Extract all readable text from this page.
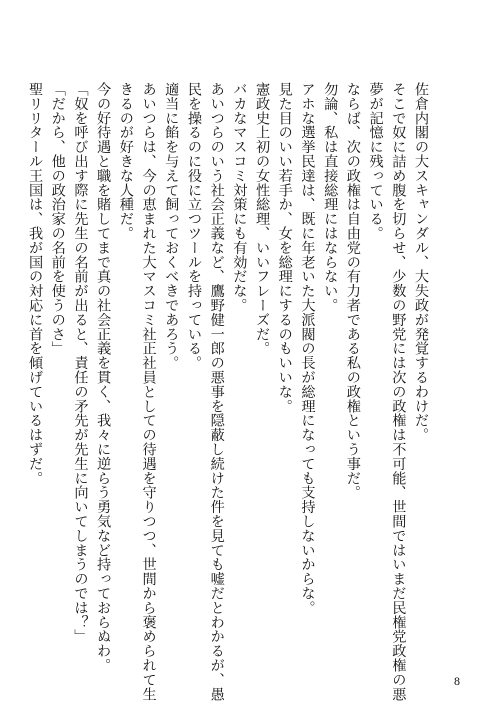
佐倉内閣の大スキャンダル、大失政が発覚するわけだ。
そこで奴に詰め腹を切らせ、少数の野党には次の政権は不可能、世間ではいまだ民権党政権の悪
夢が記憶に残っている。
ならば、次の政権は自由党の有力者である私の政権という事だ。
勿論、私は直接総理にはならない。
アホな選挙民達は、既に年老いた大派閥の長が総理になっても支持しないからな。
見た目のいい若手か、女を総理にするのもいいな。
憲政史上初の女性総理、いいフレーズだ。
バカなマスコミ対策にも有効だな。
あいつらのいう社会正義など、鷹野健一郎の悪事を隠蔽し続けた件を見ても嘘だとわかるが、愚
民を操るのに役に立つツールを持っている。
適当に餡を与えて飼っておくべきであろう。
あいつらは、今の恵まれた大マスコミ社正社員としての待遇を守りつつ、世間から褒められて生
きるのが好きな人種だ。
今の好待遇と職を賭してまで真の社会正義を貫く、我々に逆らう勇気など持っておらぬわ。
「奴を呼び出す際に先生の名前が出ると、責任の矛先が先生に向いてしまうのでは？」
「だから、他の政治家の名前を使うのさ」
聖リリタール王国は、我が国の対応に首を傾げているはずだ。
8
